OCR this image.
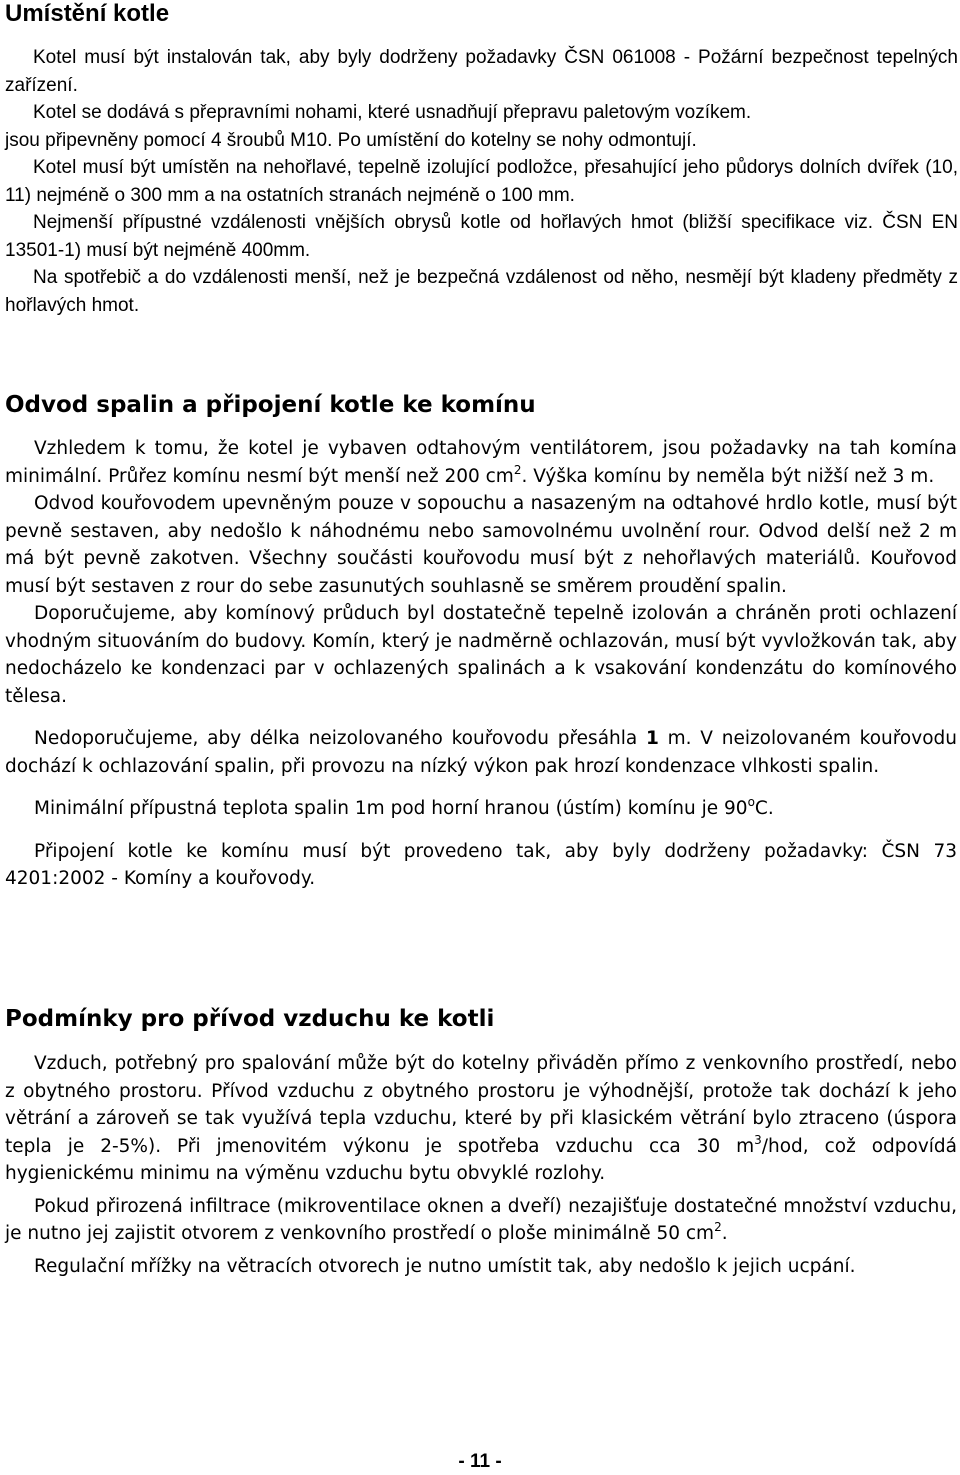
Umístění kotle

Kotel musí být instalován tak, aby byly dodrženy požadavky ČSN 061008 - Požární bezpečnost tepelných zařízení.

Kotel se dodává s přepravními nohami, které usnadňují přepravu paletovým vozíkem.

jsou připevněny pomocí 4 šroubů M10. Po umístění do kotelny se nohy odmontují.

Kotel musí být umístěn na nehořlavé, tepelně izolující podložce, přesahující jeho půdorys dolních dvířek (10, 11) nejméně o 300 mm a na ostatních stranách nejméně o 100 mm.

Nejmenší přípustné vzdálenosti vnějších obrysů kotle od hořlavých hmot (bližší specifikace viz. ČSN EN 13501-1) musí být nejméně 400mm.

Na spotřebič a do vzdálenosti menší, než je bezpečná vzdálenost od něho, nesmějí být kladeny předměty z hořlavých hmot.

Odvod spalin a připojení kotle ke komínu

Vzhledem k tomu, že kotel je vybaven odtahovým ventilátorem, jsou požadavky na tah komína minimální. Průřez komínu nesmí být menší než 200 $cm^2$. Výška komínu by neměla být nižší než 3 m.

Odvod kouřovodem upevněným pouze v sopouchu a nasazeným na odtahové hrdlo kotle, musí být pevně sestaven, aby nedošlo k náhodnému nebo samovolnému uvolnění rour. Odvod delší než 2 m má být pevně zakotven. Všechny součásti kouřovodu musí být z nehořlavých materiálů. Kouřovod musí být sestaven z rour do sebe zasunutých souhlasně se směrem proudění spalin.

Doporučujeme, aby komínový průduch byl dostatečně tepelně izolován a chráněn proti ochlazení vhodným situováním do budovy. Komín, který je nadměrně ochlazován, musí být vyvložkován tak, aby nedocházelo ke kondenzaci par v ochlazených spalinách a k vsakování kondenzátu do komínového tělesa.

Nedoporučujeme, aby délka neizolovaného kouřovodu přesáhla 1 m. V neizolovaném kouřovodu dochází k ochlazování spalin, při provozu na nízký výkon pak hrozí kondenzace vlhkosti spalin.

Minimální přípustná teplota spalin 1m pod horní hranou (ústím) komínu je 90$^o$C.

Připojení kotle ke komínu musí být provedeno tak, aby byly dodrženy požadavky: ČSN 73 4201:2002 - Komíny a kouřovody.

Podmínky pro přívod vzduchu ke kotli

Vzduch, potřebný pro spalování může být do kotelny přiváděn přímo z venkovního prostředí, nebo z obytného prostoru. Přívod vzduchu z obytného prostoru je výhodnější, protože tak dochází k jeho větrání a zároveň se tak využívá tepla vzduchu, které by při klasickém větrání bylo ztraceno (úspora tepla je 2-5%). Při jmenovitém výkonu je spotřeba vzduchu cca 30 $m^3$/hod, což odpovídá hygienickému minimu na výměnu vzduchu bytu obvyklé rozlohy.

Pokud přirozená infiltrace (mikroventilace oknen a dveří) nezajišťuje dostatečné množství vzduchu, je nutno jej zajistit otvorem z venkovního prostředí o ploše minimálně 50 $cm^2$.

Regulační mřížky na větracích otvorech je nutno umístit tak, aby nedošlo k jejich ucpání.

- 11 -
